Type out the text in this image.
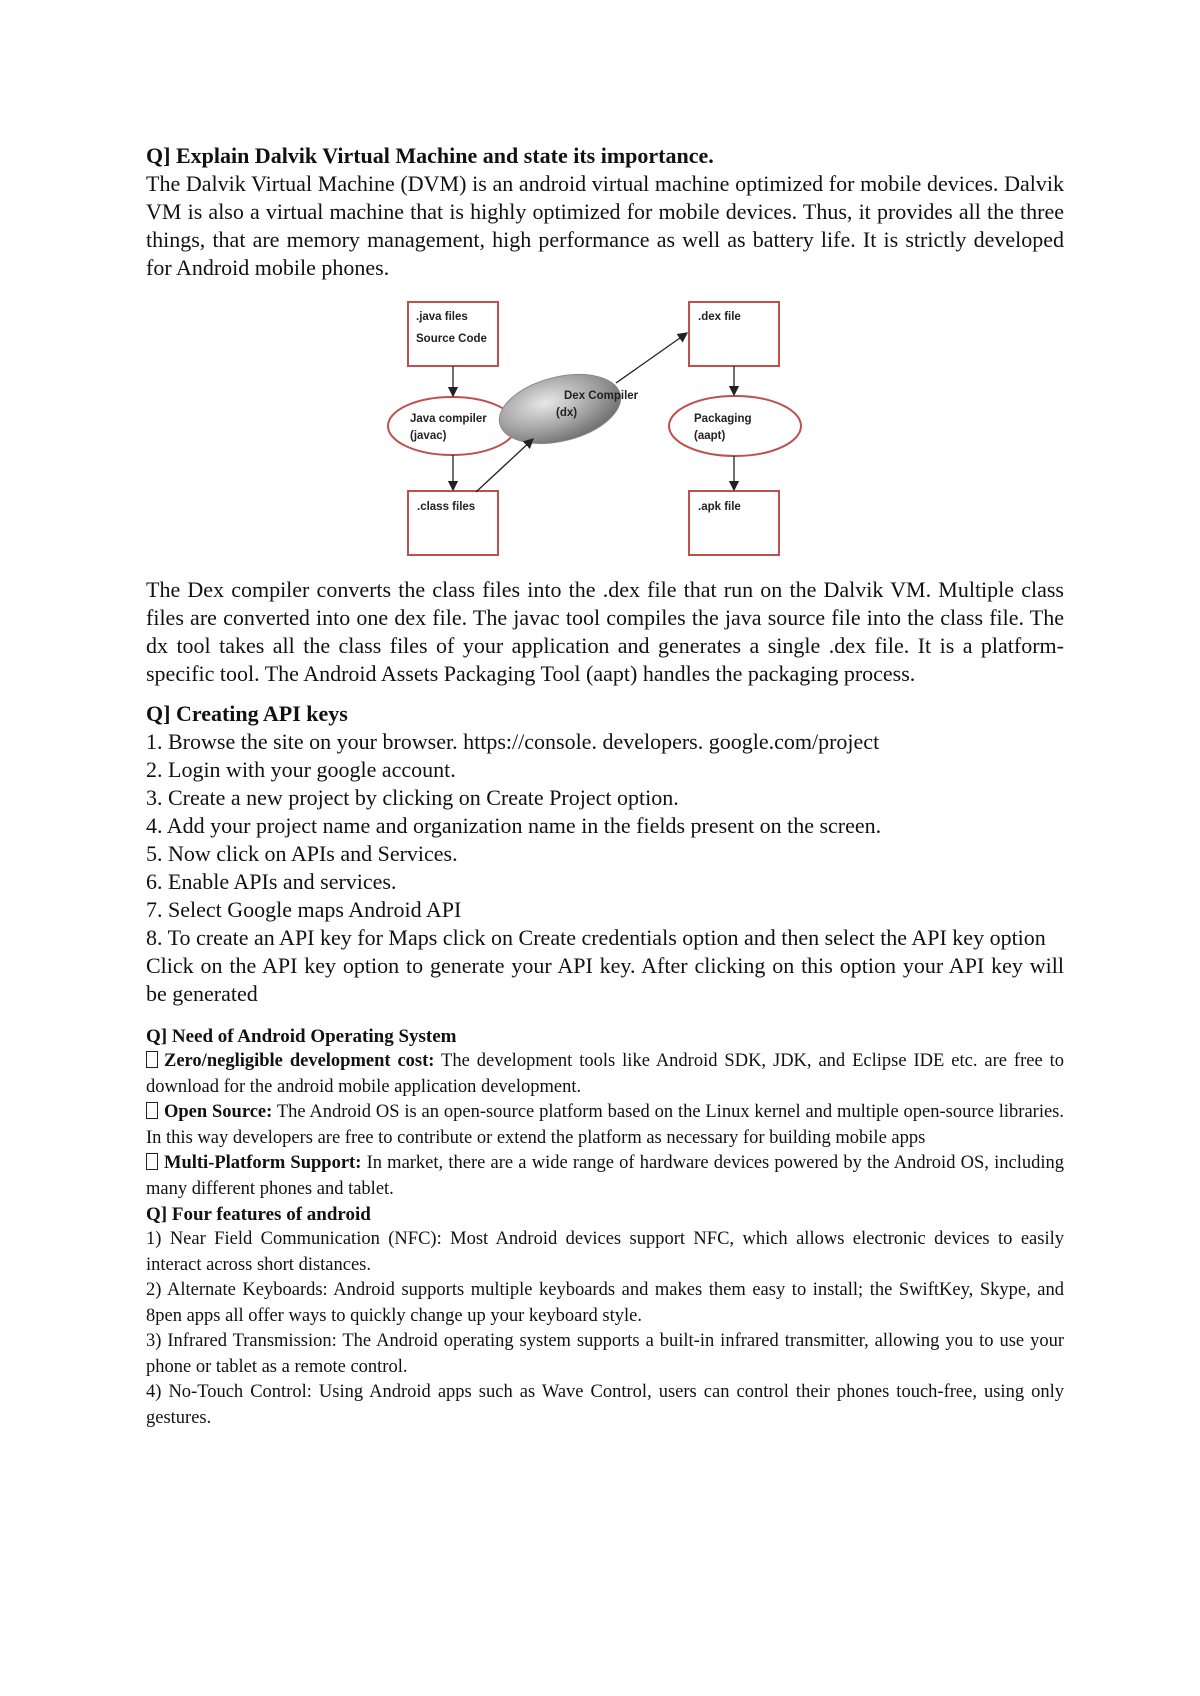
Q] Explain Dalvik Virtual Machine and state its importance.

The Dalvik Virtual Machine (DVM) is an android virtual machine optimized for mobile devices. Dalvik VM is also a virtual machine that is highly optimized for mobile devices. Thus, it provides all the three things, that are memory management, high performance as well as battery life. It is strictly developed for Android mobile phones.

.java files
Source Code
Java compiler
(javac)
.class files
Dex Compiler
(dx)
.dex file
Packaging
(aapt)
.apk file

The Dex compiler converts the class files into the .dex file that run on the Dalvik VM. Multiple class files are converted into one dex file. The javac tool compiles the java source file into the class file. The dx tool takes all the class files of your application and generates a single .dex file. It is a platform-specific tool. The Android Assets Packaging Tool (aapt) handles the packaging process.

Q] Creating API keys

1. Browse the site on your browser. https://console. developers. google.com/project
2. Login with your google account.
3. Create a new project by clicking on Create Project option.
4. Add your project name and organization name in the fields present on the screen.
5. Now click on APIs and Services.
6. Enable APIs and services.
7. Select Google maps Android API
8. To create an API key for Maps click on Create credentials option and then select the API key option
Click on the API key option to generate your API key. After clicking on this option your API key will be generated

Q] Need of Android Operating System

Zero/negligible development cost: The development tools like Android SDK, JDK, and Eclipse IDE etc. are free to download for the android mobile application development.

Open Source: The Android OS is an open-source platform based on the Linux kernel and multiple open-source libraries. In this way developers are free to contribute or extend the platform as necessary for building mobile apps

Multi-Platform Support: In market, there are a wide range of hardware devices powered by the Android OS, including many different phones and tablet.

Q] Four features of android

1) Near Field Communication (NFC): Most Android devices support NFC, which allows electronic devices to easily interact across short distances.

2) Alternate Keyboards: Android supports multiple keyboards and makes them easy to install; the SwiftKey, Skype, and 8pen apps all offer ways to quickly change up your keyboard style.

3) Infrared Transmission: The Android operating system supports a built-in infrared transmitter, allowing you to use your phone or tablet as a remote control.

4) No-Touch Control: Using Android apps such as Wave Control, users can control their phones touch-free, using only gestures.
